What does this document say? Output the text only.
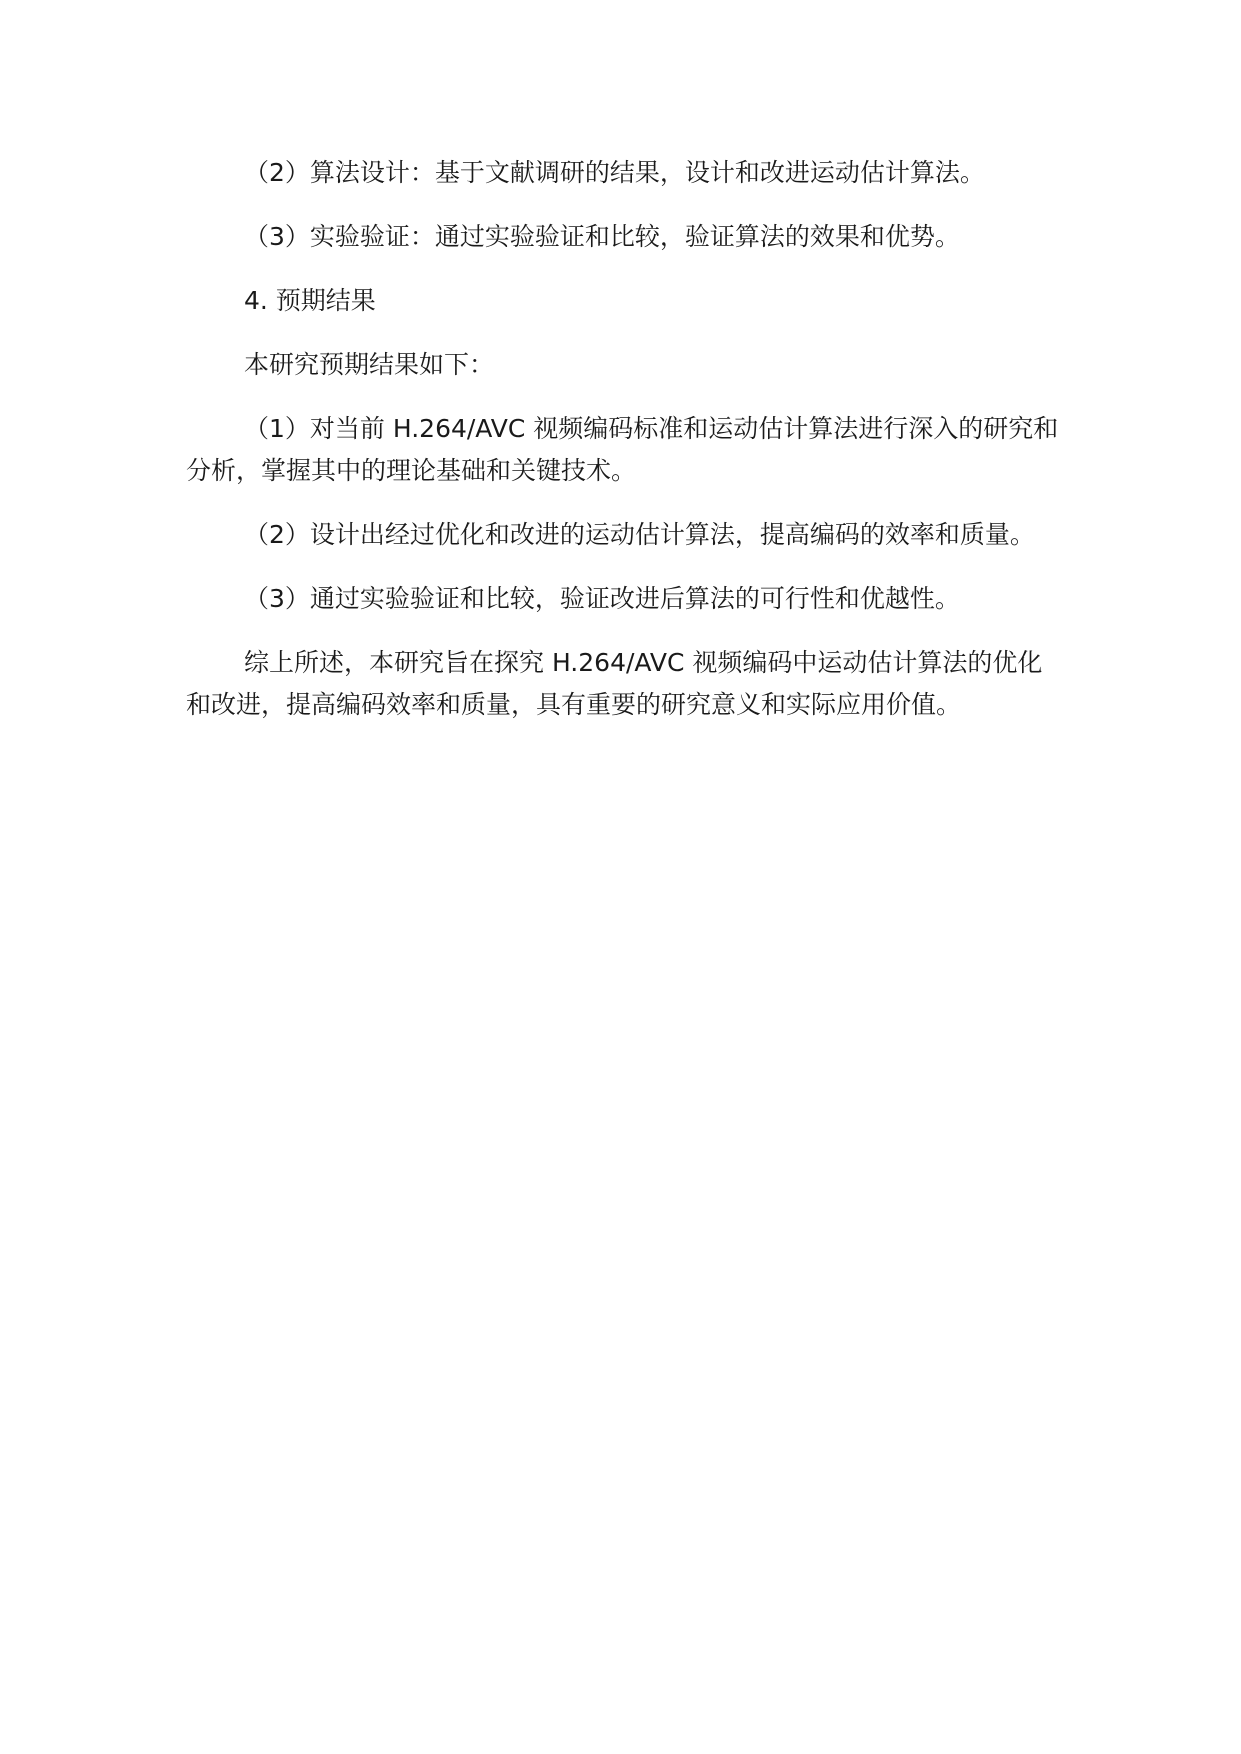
（2）算法设计：基于文献调研的结果，设计和改进运动估计算法。

（3）实验验证：通过实验验证和比较，验证算法的效果和优势。

4. 预期结果

本研究预期结果如下：

（1）对当前 H.264/AVC 视频编码标准和运动估计算法进行深入的研究和分析，掌握其中的理论基础和关键技术。

（2）设计出经过优化和改进的运动估计算法，提高编码的效率和质量。

（3）通过实验验证和比较，验证改进后算法的可行性和优越性。

综上所述，本研究旨在探究 H.264/AVC 视频编码中运动估计算法的优化和改进，提高编码效率和质量，具有重要的研究意义和实际应用价值。
